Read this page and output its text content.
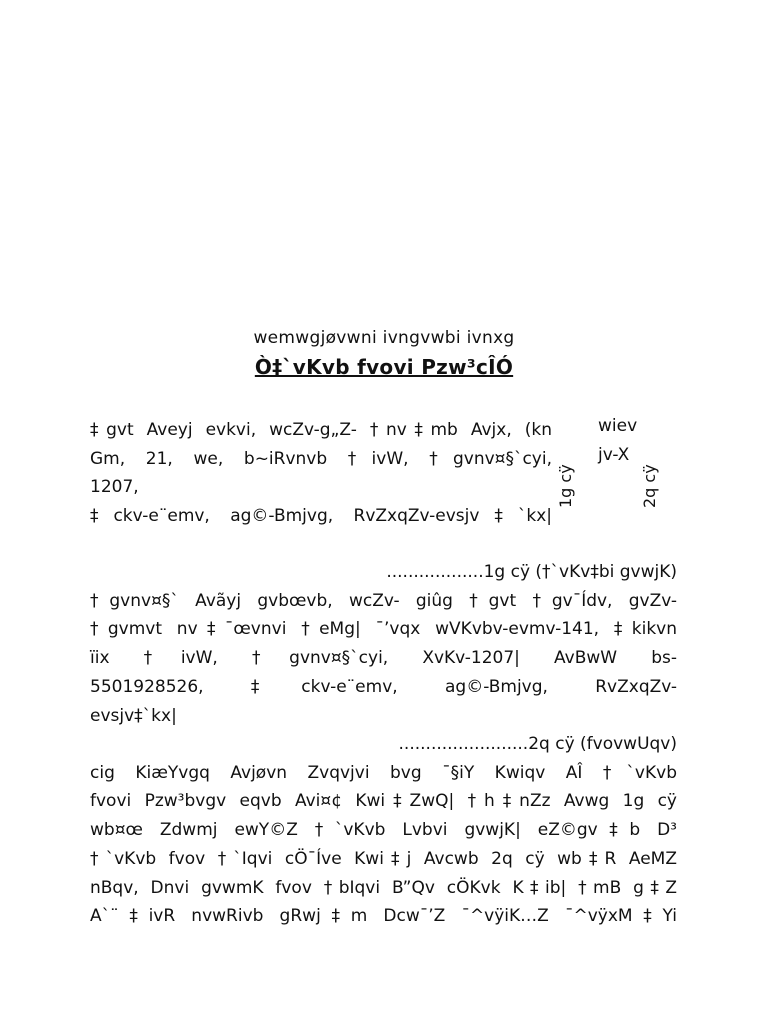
wemwgjøvwni ivngvwbi ivnxg
Ò‡`vKvb fvovi Pzw³cÎÓ
‡gvt Aveyj evkvi, wcZv-g„Z- †nv‡mb Avjx, (kn
Gm, 21, we, b~iRvnvb †ivW, †gvnv¤§`cyi,
1207,
‡ckv-e¨emv, ag©-Bmjvg, RvZxqZv-evsjv‡`kx|
wiev
jv-X
1g cÿ	2q cÿ
..................1g cÿ (†`vKv‡bi gvwjK)
†gvnv¤§` Avãyj gvbœvb, wcZv- giûg †gvt †gv¯Ídv, gvZv-
†gvmvt nv‡¯œvnvi †eMg| ¯’vqx wVKvbv-evmv-141, ‡kikvn
ïix †ivW, †gvnv¤§`cyi, XvKv-1207| AvBwW bs-
5501928526, ‡ckv-e¨emv, ag©-Bmjvg, RvZxqZv-
evsjv‡`kx|
........................2q cÿ (fvovwUqv)
cig KiæYvgq Avjøvn Zvqvjvi bvg ¯§iY Kwiqv AÎ †`vKvb
fvovi Pzw³bvgv eqvb Avi¤¢ Kwi‡ZwQ| †h‡nZz Avwg 1g cÿ
wb¤œ Zdwmj ewY©Z †`vKvb Lvbvi gvwjK| eZ©gv‡b D³
†`vKvb fvov †`Iqvi cÖ¯Íve Kwi‡j Avcwb 2q cÿ wb‡R AeMZ
nBqv, Dnvi gvwmK fvov †bIqvi B”Qv cÖKvk K‡ib| †mB g‡Z
A`¨‡ivR nvwRivb gRwj‡m Dcw¯’Z ¯^vÿiK…Z ¯^vÿxM‡Yi
